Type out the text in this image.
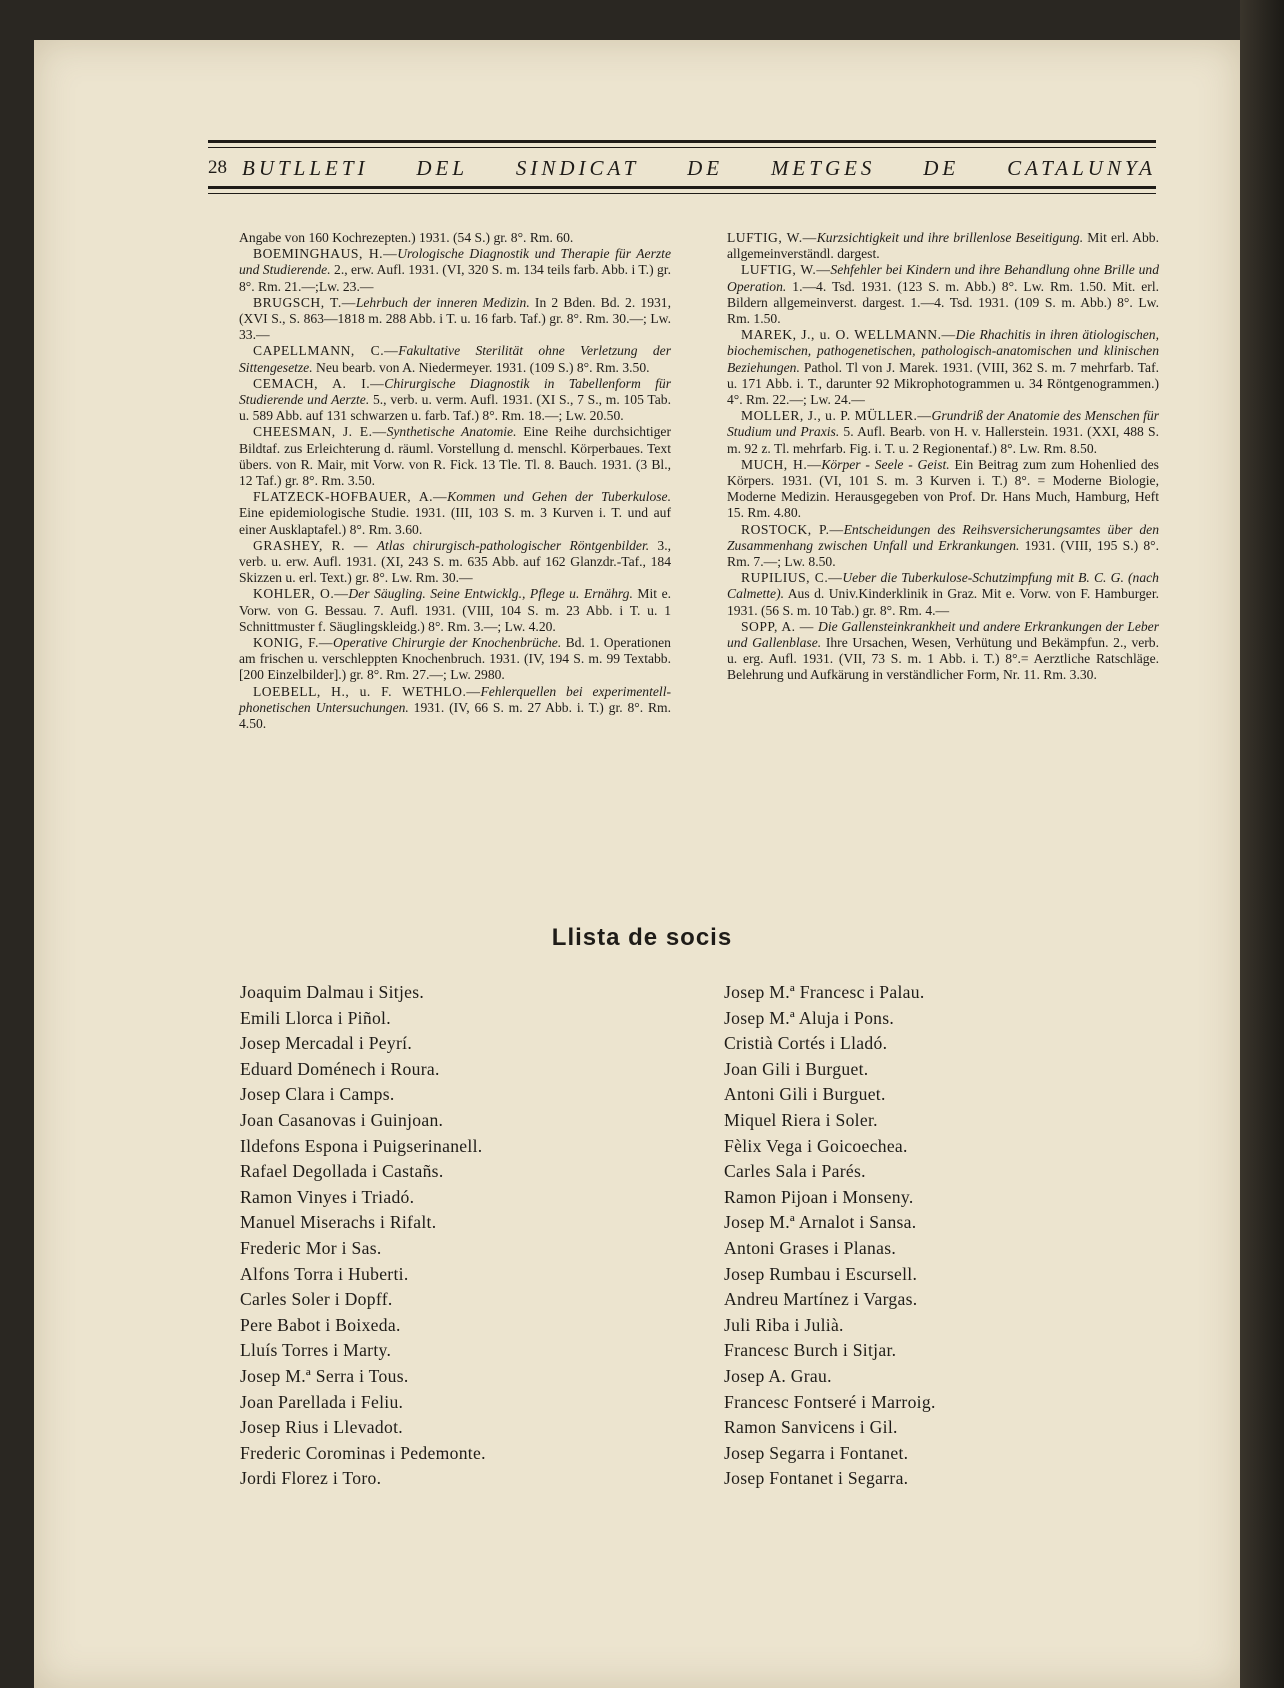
28 BUTLLETI DEL SINDICAT DE METGES DE CATALUNYA

Angabe von 160 Kochrezepten.) 1931. (54 S.) gr. 8°. Rm. 60.

BOEMINGHAUS, H.—Urologische Diagnostik und Therapie für Aerzte und Studierende. 2., erw. Aufl. 1931. (VI, 320 S. m. 134 teils farb. Abb. i T.) gr. 8°. Rm. 21.—;Lw. 23.—

BRUGSCH, T.—Lehrbuch der inneren Medizin. In 2 Bden. Bd. 2. 1931, (XVI S., S. 863—1818 m. 288 Abb. i T. u. 16 farb. Taf.) gr. 8°. Rm. 30.—; Lw. 33.—

CAPELLMANN, C.—Fakultative Sterilität ohne Verletzung der Sittengesetze. Neu bearb. von A. Niedermeyer. 1931. (109 S.) 8°. Rm. 3.50.

CEMACH, A. I.—Chirurgische Diagnostik in Tabellenform für Studierende und Aerzte. 5., verb. u. verm. Aufl. 1931. (XI S., 7 S., m. 105 Tab. u. 589 Abb. auf 131 schwarzen u. farb. Taf.) 8°. Rm. 18.—; Lw. 20.50.

CHEESMAN, J. E.—Synthetische Anatomie. Eine Reihe durchsichtiger Bildtaf. zus Erleichterung d. räuml. Vorstellung d. menschl. Körperbaues. Text übers. von R. Mair, mit Vorw. von R. Fick. 13 Tle. Tl. 8. Bauch. 1931. (3 Bl., 12 Taf.) gr. 8°. Rm. 3.50.

FLATZECK-HOFBAUER, A.—Kommen und Gehen der Tuberkulose. Eine epidemiologische Studie. 1931. (III, 103 S. m. 3 Kurven i. T. und auf einer Ausklaptafel.) 8°. Rm. 3.60.

GRASHEY, R. — Atlas chirurgisch-pathologischer Röntgenbilder. 3., verb. u. erw. Aufl. 1931. (XI, 243 S. m. 635 Abb. auf 162 Glanzdr.-Taf., 184 Skizzen u. erl. Text.) gr. 8°. Lw. Rm. 30.—

KOHLER, O.—Der Säugling. Seine Entwicklg., Pflege u. Ernährg. Mit e. Vorw. von G. Bessau. 7. Aufl. 1931. (VIII, 104 S. m. 23 Abb. i T. u. 1 Schnittmuster f. Säuglingskleidg.) 8°. Rm. 3.—; Lw. 4.20.

KONIG, F.—Operative Chirurgie der Knochenbrüche. Bd. 1. Operationen am frischen u. verschleppten Knochenbruch. 1931. (IV, 194 S. m. 99 Textabb. [200 Einzelbilder].) gr. 8°. Rm. 27.—; Lw. 2980.

LOEBELL, H., u. F. WETHLO.—Fehlerquellen bei experimentell-phonetischen Untersuchungen. 1931. (IV, 66 S. m. 27 Abb. i. T.) gr. 8°. Rm. 4.50.

LUFTIG, W.—Kurzsichtigkeit und ihre brillenlose Beseitigung. Mit erl. Abb. allgemeinverständl. dargest.

LUFTIG, W.—Sehfehler bei Kindern und ihre Behandlung ohne Brille und Operation. 1.—4. Tsd. 1931. (123 S. m. Abb.) 8°. Lw. Rm. 1.50. Mit. erl. Bildern allgemeinverst. dargest. 1.—4. Tsd. 1931. (109 S. m. Abb.) 8°. Lw. Rm. 1.50.

MAREK, J., u. O. WELLMANN.—Die Rhachitis in ihren ätiologischen, biochemischen, pathogenetischen, pathologisch-anatomischen und klinischen Beziehungen. Pathol. Tl von J. Marek. 1931. (VIII, 362 S. m. 7 mehrfarb. Taf. u. 171 Abb. i. T., darunter 92 Mikrophotogrammen u. 34 Röntgenogrammen.) 4°. Rm. 22.—; Lw. 24.—

MOLLER, J., u. P. MÜLLER.—Grundriß der Anatomie des Menschen für Studium und Praxis. 5. Aufl. Bearb. von H. v. Hallerstein. 1931. (XXI, 488 S. m. 92 z. Tl. mehrfarb. Fig. i. T. u. 2 Regionentaf.) 8°. Lw. Rm. 8.50.

MUCH, H.—Körper - Seele - Geist. Ein Beitrag zum zum Hohenlied des Körpers. 1931. (VI, 101 S. m. 3 Kurven i. T.) 8°. = Moderne Biologie, Moderne Medizin. Herausgegeben von Prof. Dr. Hans Much, Hamburg, Heft 15. Rm. 4.80.

ROSTOCK, P.—Entscheidungen des Reihsversicherungsamtes über den Zusammenhang zwischen Unfall und Erkrankungen. 1931. (VIII, 195 S.) 8°. Rm. 7.—; Lw. 8.50.

RUPILIUS, C.—Ueber die Tuberkulose-Schutzimpfung mit B. C. G. (nach Calmette). Aus d. Univ.Kinderklinik in Graz. Mit e. Vorw. von F. Hamburger. 1931. (56 S. m. 10 Tab.) gr. 8°. Rm. 4.—

SOPP, A. — Die Gallensteinkrankheit und andere Erkrankungen der Leber und Gallenblase. Ihre Ursachen, Wesen, Verhütung und Bekämpfun. 2., verb. u. erg. Aufl. 1931. (VII, 73 S. m. 1 Abb. i. T.) 8°.= Aerztliche Ratschläge. Belehrung und Aufkärung in verständlicher Form, Nr. 11. Rm. 3.30.

Llista de socis
Joaquim Dalmau i Sitjes.
Emili Llorca i Piñol.
Josep Mercadal i Peyrí.
Eduard Doménech i Roura.
Josep Clara i Camps.
Joan Casanovas i Guinjoan.
Ildefons Espona i Puigserinanell.
Rafael Degollada i Castañs.
Ramon Vinyes i Triadó.
Manuel Miserachs i Rifalt.
Frederic Mor i Sas.
Alfons Torra i Huberti.
Carles Soler i Dopff.
Pere Babot i Boixeda.
Lluís Torres i Marty.
Josep M.ª Serra i Tous.
Joan Parellada i Feliu.
Josep Rius i Llevadot.
Frederic Corominas i Pedemonte.
Jordi Florez i Toro.
Josep M.ª Francesc i Palau.
Josep M.ª Aluja i Pons.
Cristià Cortés i Lladó.
Joan Gili i Burguet.
Antoni Gili i Burguet.
Miquel Riera i Soler.
Fèlix Vega i Goicoechea.
Carles Sala i Parés.
Ramon Pijoan i Monseny.
Josep M.ª Arnalot i Sansa.
Antoni Grases i Planas.
Josep Rumbau i Escursell.
Andreu Martínez i Vargas.
Juli Riba i Julià.
Francesc Burch i Sitjar.
Josep A. Grau.
Francesc Fontseré i Marroig.
Ramon Sanvicens i Gil.
Josep Segarra i Fontanet.
Josep Fontanet i Segarra.
